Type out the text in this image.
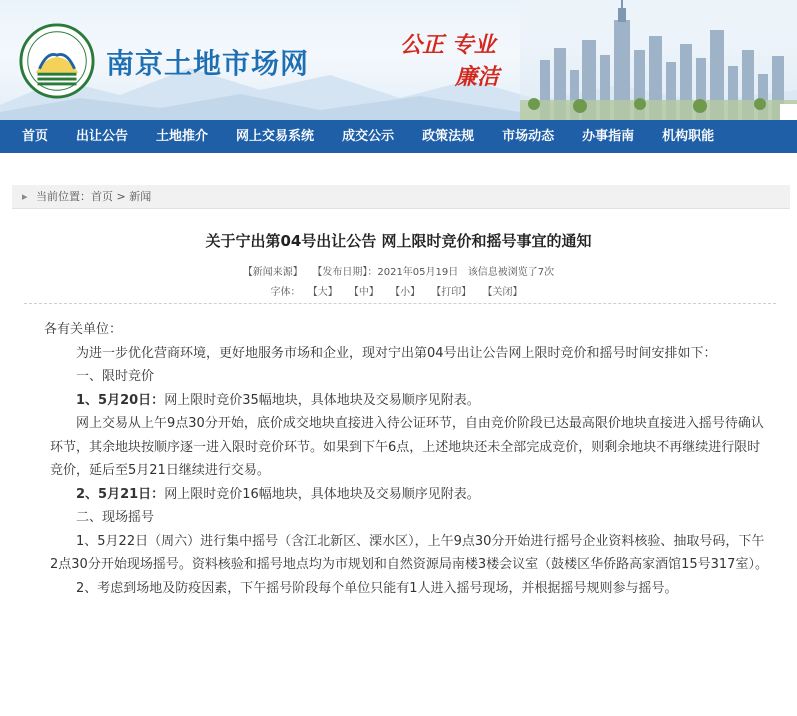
南京土地市场网
公正 专业
廉洁
首页	出让公告	土地推介	网上交易系统	成交公示	政策法规	市场动态	办事指南	机构职能
▸ 当前位置：首页 > 新闻
关于宁出第04号出让公告 网上限时竞价和摇号事宜的通知
【新闻来源】 【发布日期】：2021年05月19日 该信息被浏览了7次
字体： 【大】 【中】 【小】 【打印】 【关闭】

各有关单位：

为进一步优化营商环境，更好地服务市场和企业，现对宁出第04号出让公告网上限时竞价和摇号时间安排如下：

一、限时竞价

1、5月20日：网上限时竞价35幅地块，具体地块及交易顺序见附表。

网上交易从上午9点30分开始，底价成交地块直接进入待公证环节，自由竞价阶段已达最高限价地块直接进入摇号待确认环节，其余地块按顺序逐一进入限时竞价环节。如果到下午6点，上述地块还未全部完成竞价，则剩余地块不再继续进行限时竞价，延后至5月21日继续进行交易。

2、5月21日：网上限时竞价16幅地块，具体地块及交易顺序见附表。

二、现场摇号

1、5月22日（周六）进行集中摇号（含江北新区、溧水区），上午9点30分开始进行摇号企业资料核验、抽取号码，下午2点30分开始现场摇号。资料核验和摇号地点均为市规划和自然资源局南楼3楼会议室（鼓楼区华侨路高家酒馆15号317室）。

2、考虑到场地及防疫因素，下午摇号阶段每个单位只能有1人进入摇号现场，并根据摇号规则参与摇号。
